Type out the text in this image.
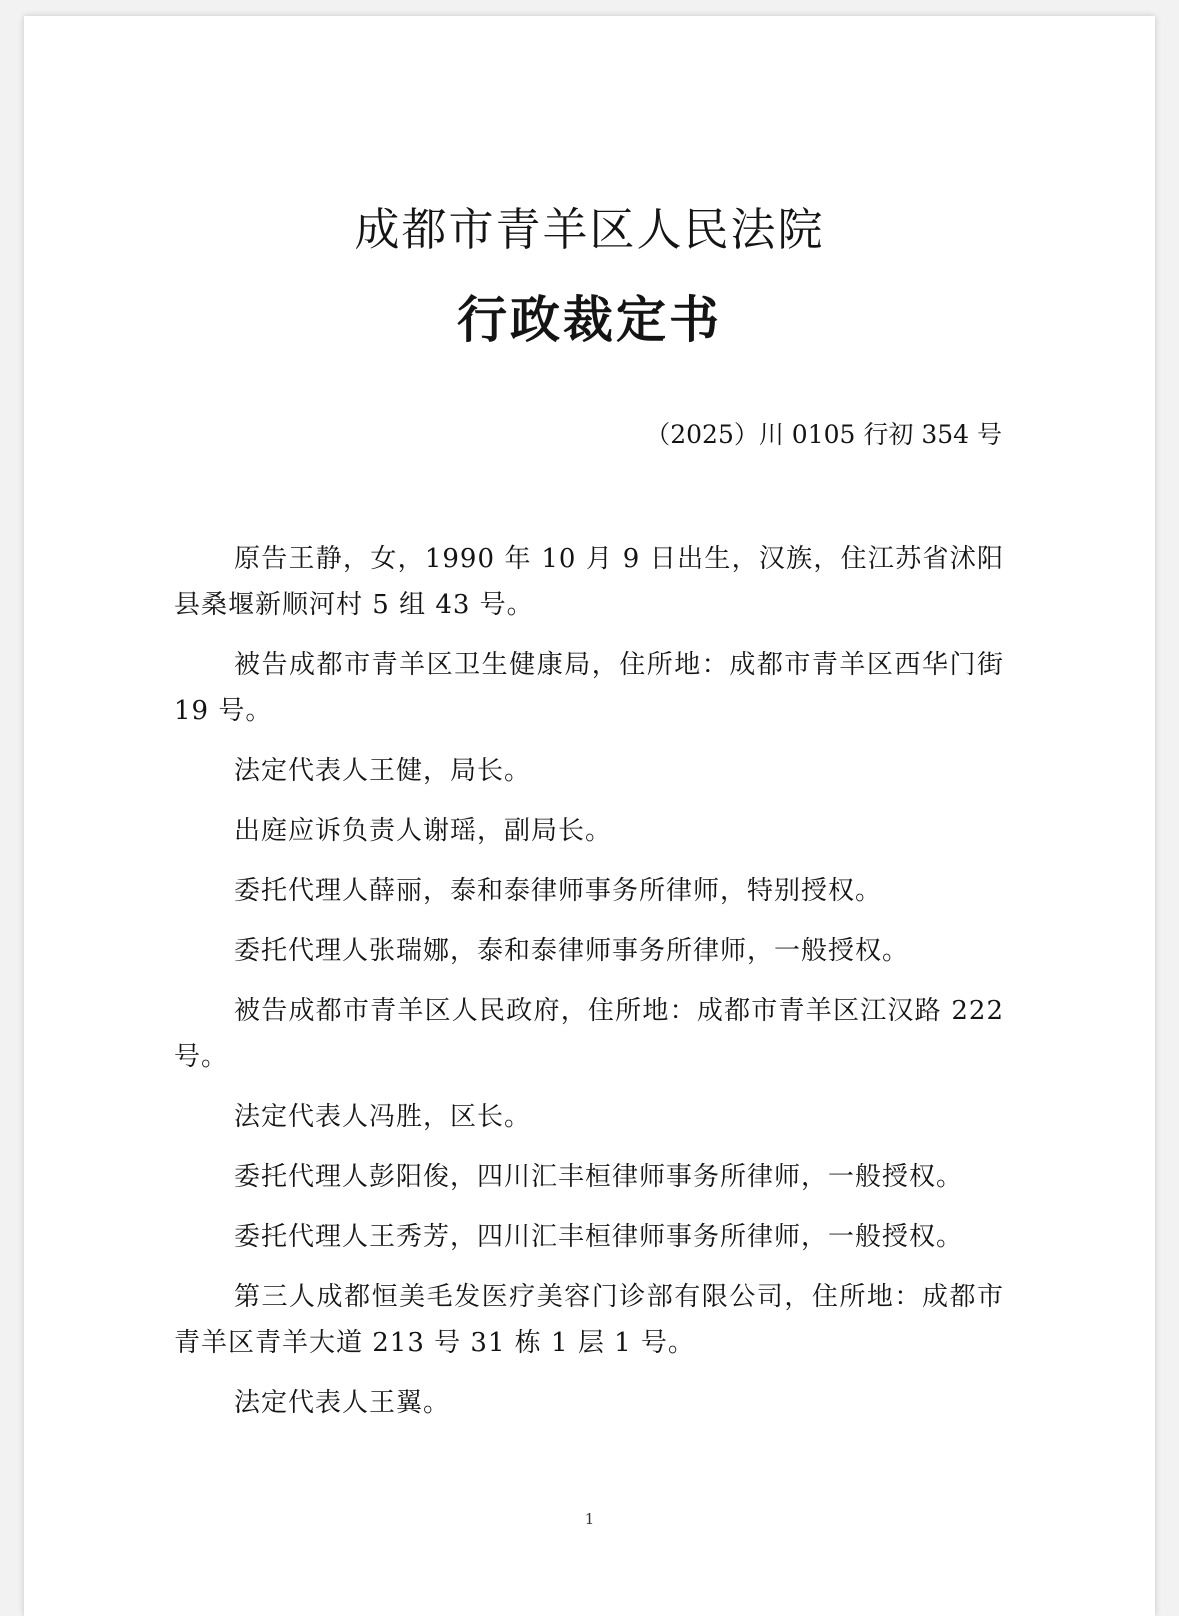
成都市青羊区人民法院
行政裁定书
（2025）川 0105 行初 354 号

原告王静，女，1990 年 10 月 9 日出生，汉族，住江苏省沭阳县桑堰新顺河村 5 组 43 号。

被告成都市青羊区卫生健康局，住所地：成都市青羊区西华门街 19 号。

法定代表人王健，局长。

出庭应诉负责人谢瑶，副局长。

委托代理人薛丽，泰和泰律师事务所律师，特别授权。

委托代理人张瑞娜，泰和泰律师事务所律师，一般授权。

被告成都市青羊区人民政府，住所地：成都市青羊区江汉路 222 号。

法定代表人冯胜，区长。

委托代理人彭阳俊，四川汇丰桓律师事务所律师，一般授权。

委托代理人王秀芳，四川汇丰桓律师事务所律师，一般授权。

第三人成都恒美毛发医疗美容门诊部有限公司，住所地：成都市青羊区青羊大道 213 号 31 栋 1 层 1 号。

法定代表人王翼。

1
